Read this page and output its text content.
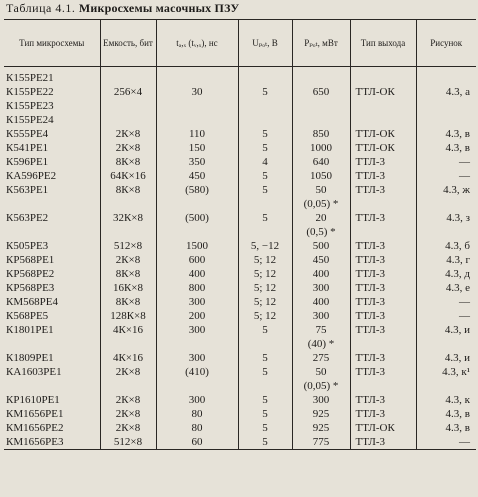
Таблица 4.1. Микросхемы масочных ПЗУ
Тип микросхемы	Емкость, бит	tₐ,ₓ (tᵥ,ₓ), нс	Uₚₒₜ, В	Pₚₒₜ, мВт	Тип выхода	Рисунок
К155РЕ21						
К155РЕ22	256×4	30	5	650	ТТЛ-ОК	4.3, а
К155РЕ23						
К155РЕ24						
К555РЕ4	2К×8	110	5	850	ТТЛ-ОК	4.3, в
К541РЕ1	2К×8	150	5	1000	ТТЛ-ОК	4.3, в
К596РЕ1	8К×8	350	4	640	ТТЛ-3	—
КА596РЕ2	64К×16	450	5	1050	ТТЛ-3	—
К563РЕ1	8К×8	(580)	5	50	ТТЛ-3	4.3, ж
				(0,05) *		
К563РЕ2	32К×8	(500)	5	20	ТТЛ-3	4.3, з
				(0,5) *		
К505РЕ3	512×8	1500	5, −12	500	ТТЛ-3	4.3, б
КР568РЕ1	2К×8	600	5; 12	450	ТТЛ-3	4.3, г
КР568РЕ2	8К×8	400	5; 12	400	ТТЛ-3	4.3, д
КР568РЕ3	16К×8	800	5; 12	300	ТТЛ-3	4.3, е
КМ568РЕ4	8К×8	300	5; 12	400	ТТЛ-3	—
К568РЕ5	128К×8	200	5; 12	300	ТТЛ-3	—
К1801РЕ1	4К×16	300	5	75	ТТЛ-3	4.3, и
				(40) *		
К1809РЕ1	4К×16	300	5	275	ТТЛ-3	4.3, и
КА1603РЕ1	2К×8	(410)	5	50	ТТЛ-3	4.3, к¹
				(0,05) *		
КР1610РЕ1	2К×8	300	5	300	ТТЛ-3	4.3, к
КМ1656РЕ1	2К×8	80	5	925	ТТЛ-3	4.3, в
КМ1656РЕ2	2К×8	80	5	925	ТТЛ-ОК	4.3, в
КМ1656РЕ3	512×8	60	5	775	ТТЛ-3	—
